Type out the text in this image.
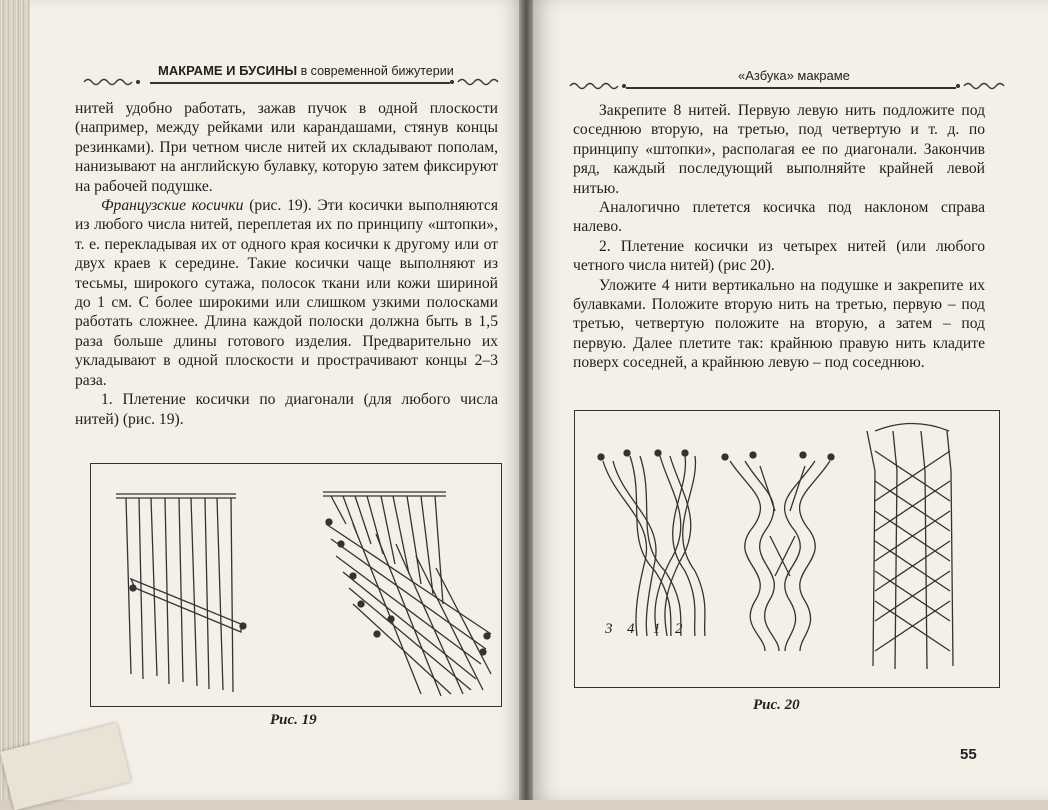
МАКРАМЕ И БУСИНЫ в современной бижутерии

нитей удобно работать, зажав пучок в одной плоскости (например, между рейками или карандашами, стянув концы резинками). При четном числе нитей их складывают пополам, нанизывают на английскую булавку, которую затем фиксируют на рабочей подушке.

Французские косички (рис. 19). Эти косички выполняются из любого числа нитей, переплетая их по принципу «штопки», т. е. перекладывая их от одного края косички к другому или от двух краев к середине. Такие косички чаще выполняют из тесьмы, широкого сутажа, полосок ткани или кожи шириной до 1 см. С более широкими или слишком узкими полосками работать сложнее. Длина каждой полоски должна быть в 1,5 раза больше длины готового изделия. Предварительно их укладывают в одной плоскости и прострачивают концы 2–3 раза.

1. Плетение косички по диагонали (для любого числа нитей) (рис. 19).

Рис. 19
«Азбука» макраме

Закрепите 8 нитей. Первую левую нить подложите под соседнюю вторую, на третью, под четвертую и т. д. по принципу «штопки», располагая ее по диагонали. Закончив ряд, каждый последующий выполняйте крайней левой нитью.

Аналогично плетется косичка под наклоном справа налево.

2. Плетение косички из четырех нитей (или любого четного числа нитей) (рис 20).

Уложите 4 нити вертикально на подушке и закрепите их булавками. Положите вторую нить на третью, первую – под третью, четвертую положите на вторую, а затем – под первую. Далее плетите так: крайнюю правую нить кладите поверх соседней, а крайнюю левую – под соседнюю.

3 4 1 2
Рис. 20
55
